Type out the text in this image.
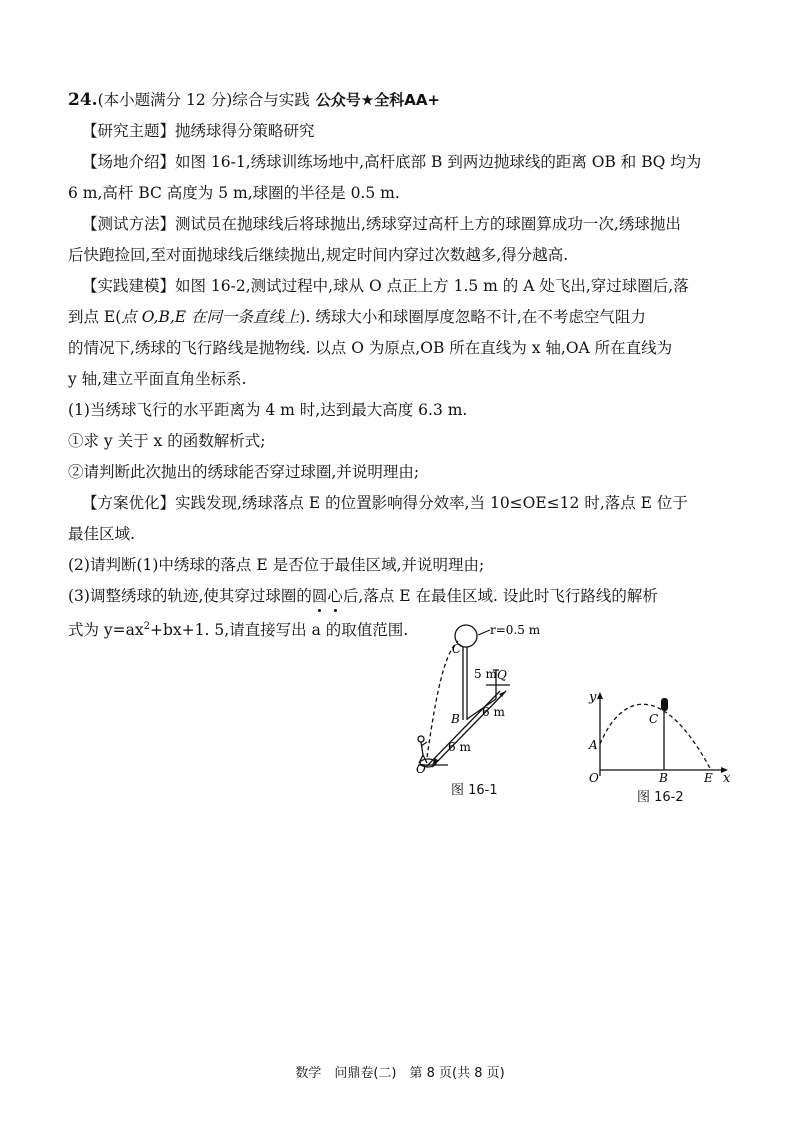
24.(本小题满分 12 分)综合与实践 公众号★全科AA+

【研究主题】抛绣球得分策略研究

【场地介绍】如图 16-1,绣球训练场地中,高杆底部 B 到两边抛球线的距离 OB 和 BQ 均为

6 m,高杆 BC 高度为 5 m,球圈的半径是 0.5 m.

【测试方法】测试员在抛球线后将球抛出,绣球穿过高杆上方的球圈算成功一次,绣球抛出

后快跑捡回,至对面抛球线后继续抛出,规定时间内穿过次数越多,得分越高.

【实践建模】如图 16-2,测试过程中,球从 O 点正上方 1.5 m 的 A 处飞出,穿过球圈后,落

到点 E(点 O,B,E 在同一条直线上). 绣球大小和球圈厚度忽略不计,在不考虑空气阻力

的情况下,绣球的飞行路线是抛物线. 以点 O 为原点,OB 所在直线为 x 轴,OA 所在直线为

y 轴,建立平面直角坐标系.

(1)当绣球飞行的水平距离为 4 m 时,达到最大高度 6.3 m.

①求 y 关于 x 的函数解析式;

②请判断此次抛出的绣球能否穿过球圈,并说明理由;

【方案优化】实践发现,绣球落点 E 的位置影响得分效率,当 10≤OE≤12 时,落点 E 位于

最佳区域.

(2)请判断(1)中绣球的落点 E 是否位于最佳区域,并说明理由;

(3)调整绣球的轨迹,使其穿过球圈的圆心后,落点 E 在最佳区域. 设此时飞行路线的解析

式为 $y=ax^2+bx+1$. 5,请直接写出 a 的取值范围.	r=0.5 m
C
5 m Q
B 6 m
6 m
O
图 16-1
y
x
O
A
B
C
E
图 16-2
数学　问鼎卷(二)　第 8 页(共 8 页)
